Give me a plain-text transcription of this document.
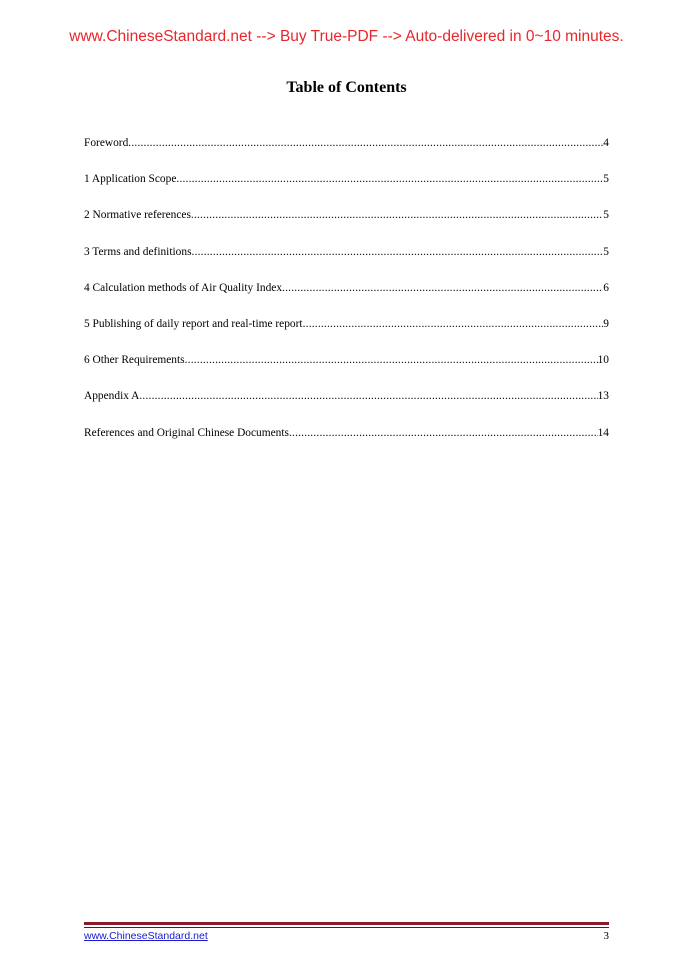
www.ChineseStandard.net --> Buy True-PDF --> Auto-delivered in 0~10 minutes.
Table of Contents
Foreword .....	4
1 Application Scope .....	5
2 Normative references .....	5
3 Terms and definitions .....	5
4 Calculation methods of Air Quality Index .....	6
5 Publishing of daily report and real-time report .....	9
6 Other Requirements .....	10
Appendix A .....	13
References and Original Chinese Documents .....	14
www.ChineseStandard.net	3
